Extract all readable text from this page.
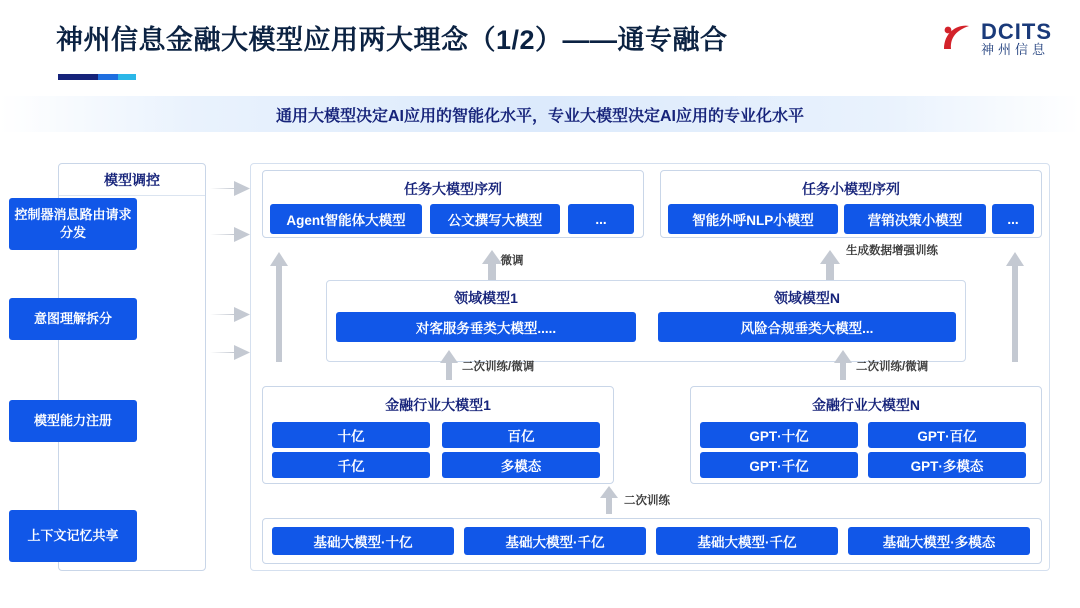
神州信息金融大模型应用两大理念（1/2）——通专融合	DCITS
神州信息
通用大模型决定AI应用的智能化水平，专业大模型决定AI应用的专业化水平
模型调控
控制器消息路由请求分发
意图理解拆分
模型能力注册
上下文记忆共享
任务大模型序列
Agent智能体大模型	公文撰写大模型	...
任务小模型序列
智能外呼NLP小模型	营销决策小模型	...
微调
生成数据增强训练
领域模型1
对客服务垂类大模型.....
领域模型N
风险合规垂类大模型...
二次训练/微调	二次训练/微调
金融行业大模型1
十亿	百亿
千亿	多模态
金融行业大模型N
GPT·十亿	GPT·百亿
GPT·千亿	GPT·多模态
二次训练
基础大模型·十亿	基础大模型·千亿	基础大模型·千亿	基础大模型·多模态
